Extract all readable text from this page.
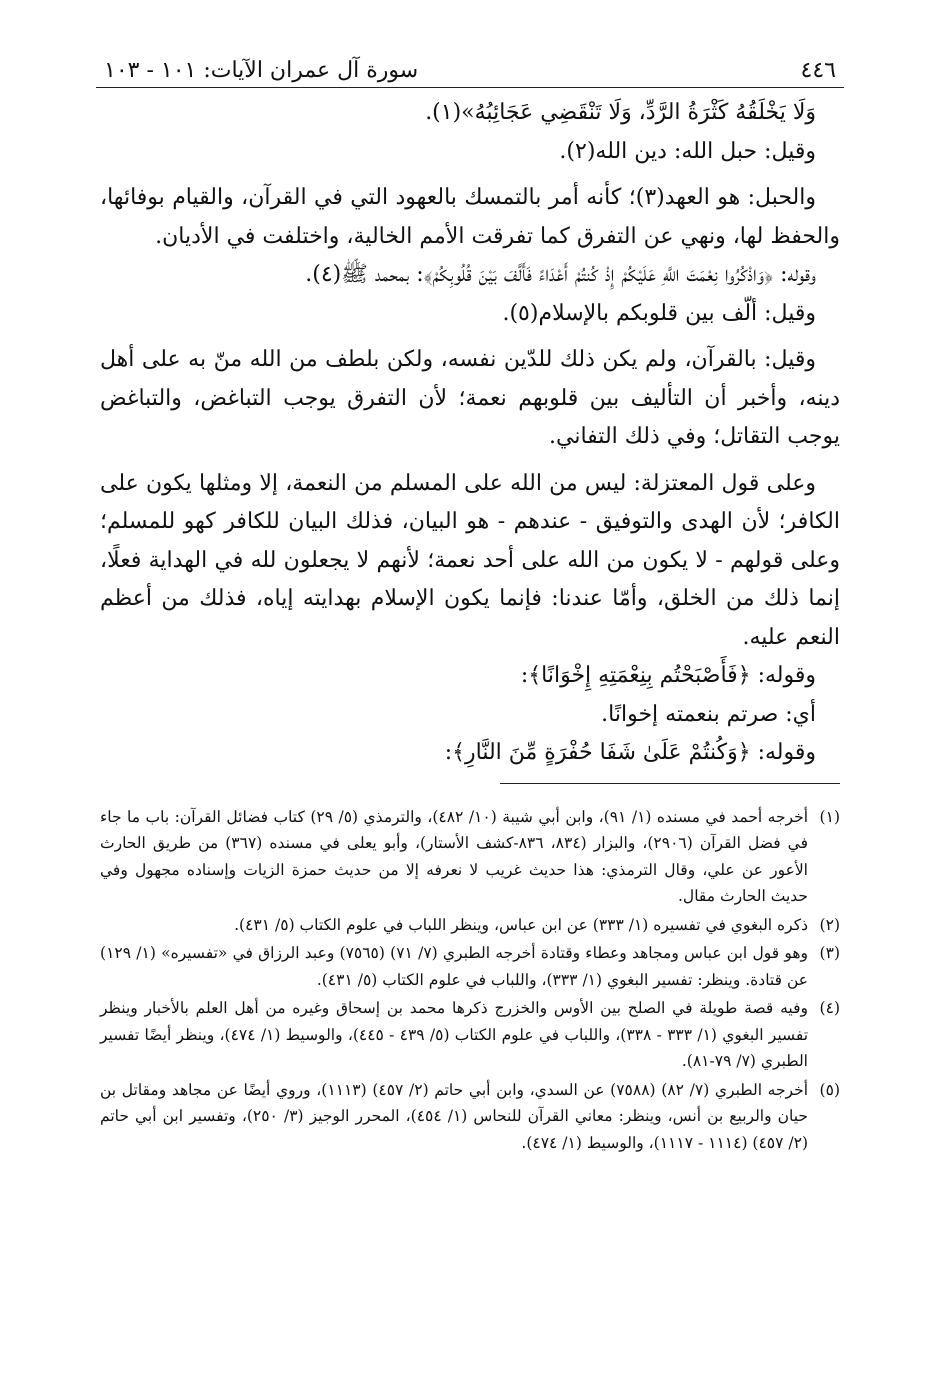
٤٤٦
سورة آل عمران الآيات: ١٠١ - ١٠٣

وَلَا يَخْلَقُهُ كَثْرَةُ الرَّدِّ، وَلَا تَنْقَضِي عَجَائِبُهُ»(١).

وقيل: حبل الله: دين الله(٢).

والحبل: هو العهد(٣)؛ كأنه أمر بالتمسك بالعهود التي في القرآن، والقيام بوفائها، والحفظ لها، ونهي عن التفرق كما تفرقت الأمم الخالية، واختلفت في الأديان.

وقوله: ﴿وَاذْكُرُوا نِعْمَتَ اللَّهِ عَلَيْكُمْ إِذْ كُنتُمْ أَعْدَاءً فَأَلَّفَ بَيْنَ قُلُوبِكُمْ﴾: بمحمد ﷺ(٤).

وقيل: ألّف بين قلوبكم بالإسلام(٥).

وقيل: بالقرآن، ولم يكن ذلك للدّين نفسه، ولكن بلطف من الله منّ به على أهل دينه، وأخبر أن التأليف بين قلوبهم نعمة؛ لأن التفرق يوجب التباغض، والتباغض يوجب التقاتل؛ وفي ذلك التفاني.

وعلى قول المعتزلة: ليس من الله على المسلم من النعمة، إلا ومثلها يكون على الكافر؛ لأن الهدى والتوفيق - عندهم - هو البيان، فذلك البيان للكافر كهو للمسلم؛ وعلى قولهم - لا يكون من الله على أحد نعمة؛ لأنهم لا يجعلون لله في الهداية فعلًا، إنما ذلك من الخلق، وأمّا عندنا: فإنما يكون الإسلام بهدايته إياه، فذلك من أعظم النعم عليه.

وقوله: ﴿فَأَصْبَحْتُم بِنِعْمَتِهِ إِخْوَانًا﴾:

أي: صرتم بنعمته إخوانًا.

وقوله: ﴿وَكُنتُمْ عَلَىٰ شَفَا حُفْرَةٍ مِّنَ النَّارِ﴾:

(١)
أخرجه أحمد في مسنده (١/ ٩١)، وابن أبي شيبة (١٠/ ٤٨٢)، والترمذي (٥/ ٢٩) كتاب فضائل القرآن: باب ما جاء في فضل القرآن (٢٩٠٦)، والبزار (٨٣٤، ٨٣٦-كشف الأستار)، وأبو يعلى في مسنده (٣٦٧) من طريق الحارث الأعور عن علي، وقال الترمذي: هذا حديث غريب لا نعرفه إلا من حديث حمزة الزيات وإسناده مجهول وفي حديث الحارث مقال.
(٢)
ذكره البغوي في تفسيره (١/ ٣٣٣) عن ابن عباس، وينظر اللباب في علوم الكتاب (٥/ ٤٣١).
(٣)
وهو قول ابن عباس ومجاهد وعطاء وقتادة أخرجه الطبري (٧/ ٧١) (٧٥٦٥) وعبد الرزاق في «تفسيره» (١/ ١٢٩) عن قتادة. وينظر: تفسير البغوي (١/ ٣٣٣)، واللباب في علوم الكتاب (٥/ ٤٣١).
(٤)
وفيه قصة طويلة في الصلح بين الأوس والخزرج ذكرها محمد بن إسحاق وغيره من أهل العلم بالأخبار وينظر تفسير البغوي (١/ ٣٣٣ - ٣٣٨)، واللباب في علوم الكتاب (٥/ ٤٣٩ - ٤٤٥)، والوسيط (١/ ٤٧٤)، وينظر أيضًا تفسير الطبري (٧/ ٧٩-٨١).
(٥)
أخرجه الطبري (٧/ ٨٢) (٧٥٨٨) عن السدي، وابن أبي حاتم (٢/ ٤٥٧) (١١١٣)، وروي أيضًا عن مجاهد ومقاتل بن حيان والربيع بن أنس، وينظر: معاني القرآن للنحاس (١/ ٤٥٤)، المحرر الوجيز (٣/ ٢٥٠)، وتفسير ابن أبي حاتم (٢/ ٤٥٧) (١١١٤ - ١١١٧)، والوسيط (١/ ٤٧٤).
